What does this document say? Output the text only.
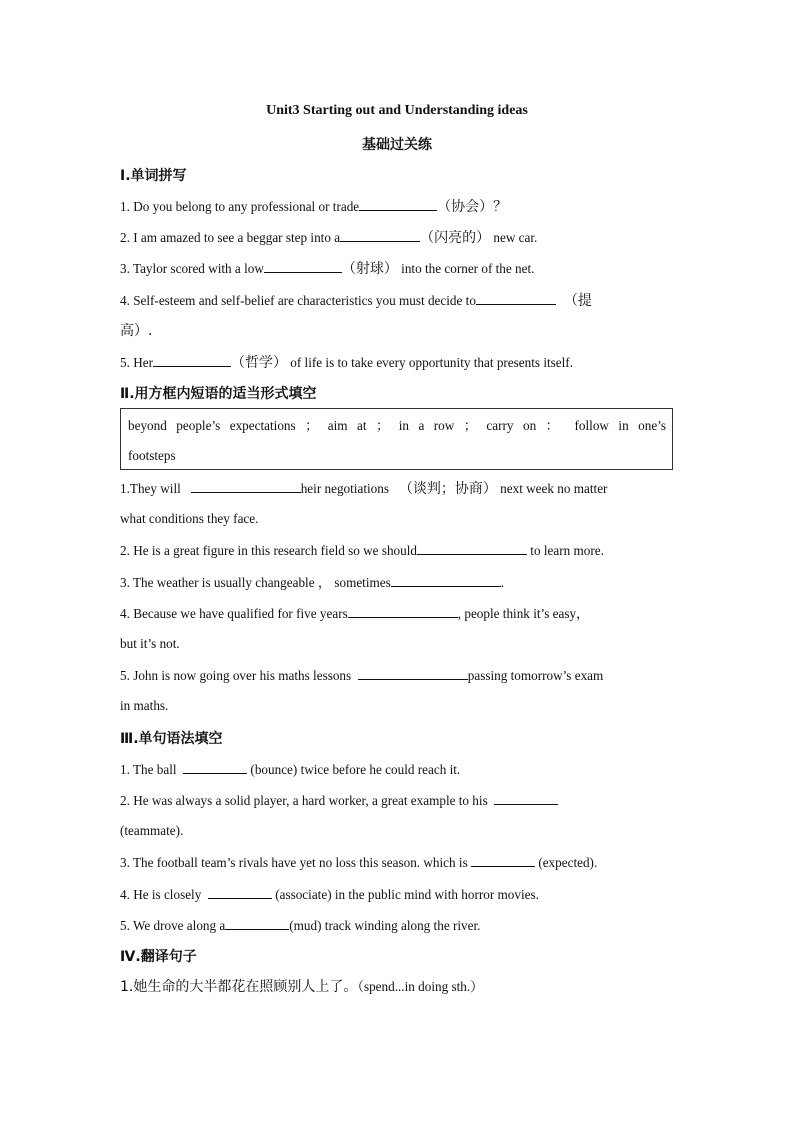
Unit3 Starting out and Understanding ideas
基础过关练
Ⅰ.单词拼写
1. Do you belong to any professional or trade	（协会）？
2. I am amazed to see a beggar step into a	（闪亮的） new car.
3. Taylor scored with a low	（射球） into the corner of the net.
4. Self-esteem and self-belief are characteristics you must decide to	（提
高）.
5. Her	（哲学） of life is to take every opportunity that presents itself.
Ⅱ.用方框内短语的适当形式填空
beyond people’s expectations ； aim at ； in a row ； carry on ： follow in one’s
footsteps
1.They will	heir negotiations （谈判；协商） next week no matter
what conditions they face.
2. He is a great figure in this research field so we should	to learn more.
3. The weather is usually changeable ， sometimes	.
4. Because we have qualified for five years	, people think it’s easy，
but it’s not.
5. John is now going over his maths lessons	passing tomorrow’s exam
in maths.
Ⅲ.单句语法填空
1. The ball	(bounce) twice before he could reach it.
2. He was always a solid player, a hard worker, a great example to his
(teammate).
3. The football team’s rivals have yet no loss this season. which is	(expected).
4. He is closely	(associate) in the public mind with horror movies.
5. We drove along a	(mud) track winding along the river.
Ⅳ.翻译句子
1.她生命的大半都花在照顾别人上了。（spend...in doing sth.）
